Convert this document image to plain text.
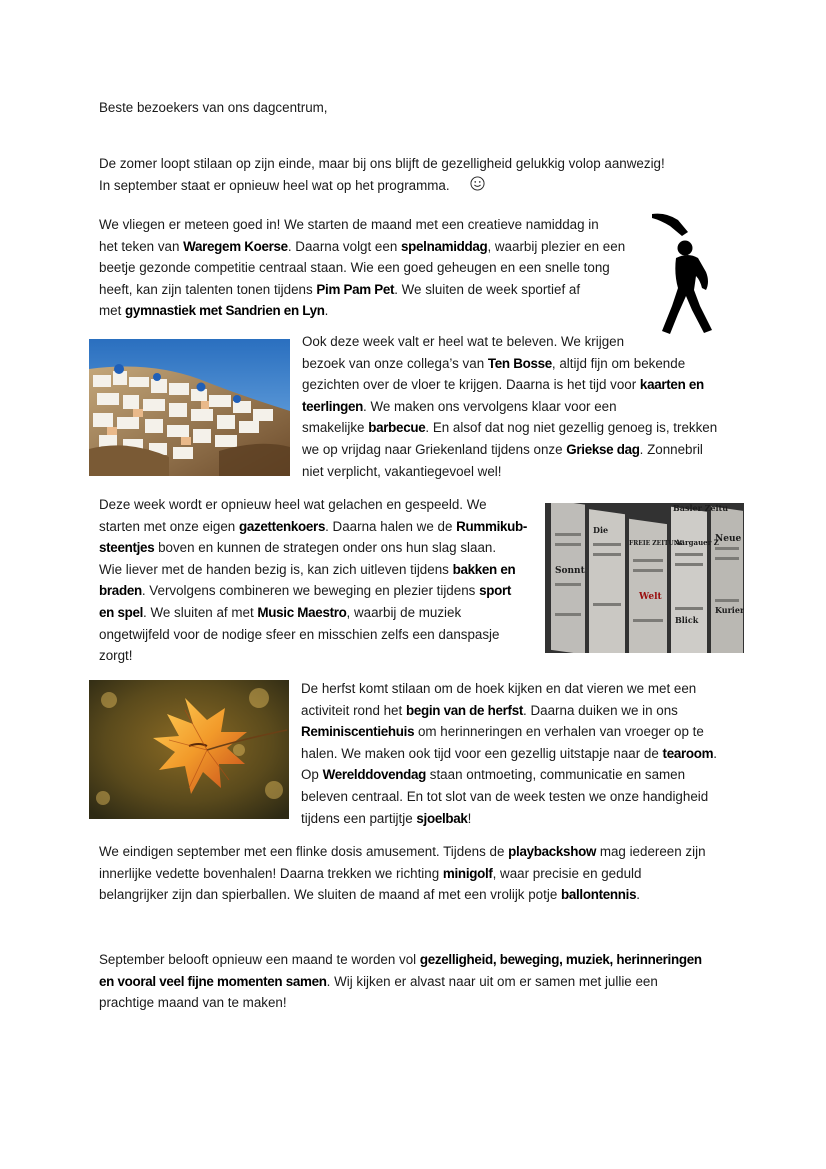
Beste bezoekers van ons dagcentrum,

De zomer loopt stilaan op zijn einde, maar bij ons blijft de gezelligheid gelukkig volop aanwezig!
In september staat er opnieuw heel wat op het programma.
We vliegen er meteen goed in! We starten de maand met een creatieve namiddag in
het teken van Waregem Koerse. Daarna volgt een spelnamiddag, waarbij plezier en een
beetje gezonde competitie centraal staan. Wie een goed geheugen en een snelle tong
heeft, kan zijn talenten tonen tijdens Pim Pam Pet. We sluiten de week sportief af
met gymnastiek met Sandrien en Lyn.
Ook deze week valt er heel wat te beleven. We krijgen
bezoek van onze collega’s van Ten Bosse, altijd fijn om bekende
gezichten over de vloer te krijgen. Daarna is het tijd voor kaarten en
teerlingen. We maken ons vervolgens klaar voor een
smakelijke barbecue. En alsof dat nog niet gezellig genoeg is, trekken
we op vrijdag naar Griekenland tijdens onze Griekse dag. Zonnebril
niet verplicht, vakantiegevoel wel!
Deze week wordt er opnieuw heel wat gelachen en gespeeld. We
starten met onze eigen gazettenkoers. Daarna halen we de Rummikub-
steentjes boven en kunnen de strategen onder ons hun slag slaan.
Wie liever met de handen bezig is, kan zich uitleven tijdens bakken en
braden. Vervolgens combineren we beweging en plezier tijdens sport
en spel. We sluiten af met Music Maestro, waarbij de muziek
ongetwijfeld voor de nodige sfeer en misschien zelfs een danspasje
zorgt!
Basler Zeitu
Neue
FREIE ZEITUNG
Die
Aargauer Z
Sonnt
Welt
Kurier
Blick
De herfst komt stilaan om de hoek kijken en dat vieren we met een
activiteit rond het begin van de herfst. Daarna duiken we in ons
Reminiscentiehuis om herinneringen en verhalen van vroeger op te
halen. We maken ook tijd voor een gezellig uitstapje naar de tearoom.
Op Werelddovendag staan ontmoeting, communicatie en samen
beleven centraal. En tot slot van de week testen we onze handigheid
tijdens een partijtje sjoelbak!
We eindigen september met een flinke dosis amusement. Tijdens de playbackshow mag iedereen zijn
innerlijke vedette bovenhalen! Daarna trekken we richting minigolf, waar precisie en geduld
belangrijker zijn dan spierballen. We sluiten de maand af met een vrolijk potje ballontennis.
September belooft opnieuw een maand te worden vol gezelligheid, beweging, muziek, herinneringen
en vooral veel fijne momenten samen. Wij kijken er alvast naar uit om er samen met jullie een
prachtige maand van te maken!
